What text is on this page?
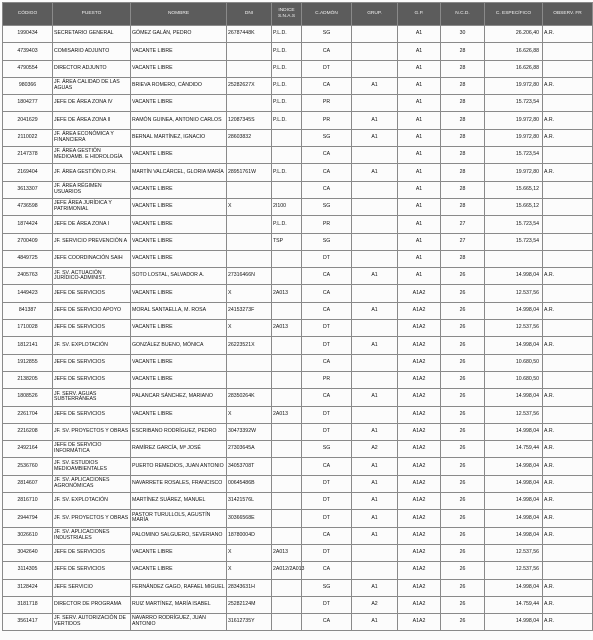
CÓDIGO	PUESTO	NOMBRE	DNI	INDICE S.N.A.S	C.ADMÓN	GRUP.	G.P.	N.C.D.	C. ESPECÍFICO	OBSERV. FR
1990434	SECRETARIO GENERAL	GÓMEZ GALÁN, PEDRO	26787448K	P.L.D.	SG		A1	30	26.206,40	A.R.
4739403	COMISARIO ADJUNTO	VACANTE LIBRE		P.L.D.	CA		A1	28	16.626,88	
4790554	DIRECTOR ADJUNTO	VACANTE LIBRE		P.L.D.	DT		A1	28	16.626,88	
980366	JF. ÁREA CALIDAD DE LAS AGUAS	BRIEVA ROMERO, CÁNDIDO	25282627X	P.L.D.	CA	A1	A1	28	19.972,80	A.R.
1804277	JEFE DE ÁREA ZONA IV	VACANTE LIBRE		P.L.D.	PR		A1	28	15.723,54	
2041629	JEFE DE ÁREA ZONA II	RAMÓN GUINEA, ANTONIO CARLOS	12087345S	P.L.D.	PR	A1	A1	28	19.972,80	A.R.
2110022	JF. ÁREA ECONÓMICA Y FINANCIERA	BERNAL MARTÍNEZ, IGNACIO	28603832		SG	A1	A1	28	19.972,80	A.R.
2147378	JF. ÁREA GESTIÓN MEDIOAMB. E HIDROLOGÍA	VACANTE LIBRE			CA		A1	28	15.723,54	
2169404	JF. ÁREA GESTIÓN D.P.H.	MARTÍN VALCÁRCEL, GLORIA MARÍA	28951761W	P.L.D.	CA	A1	A1	28	19.972,80	A.R.
3613307	JF. ÁREA RÉGIMEN USUARIOS	VACANTE LIBRE			CA		A1	28	15.665,12	
4736598	JEFE ÁREA JURÍDICA Y PATRIMONIAL	VACANTE LIBRE	X	2I100	SG		A1	28	15.665,12	
1874424	JEFE DE ÁREA ZONA I	VACANTE LIBRE		P.L.D.	PR		A1	27	15.723,54	
2700409	JF. SERVICIO PREVENCIÓN A	VACANTE LIBRE		TSP	SG		A1	27	15.723,54	
4849725	JEFE COORDINACIÓN SAIH	VACANTE LIBRE			DT		A1	28		
2405763	JF. SV. ACTUACIÓN JURÍDICO-ADMINIST.	SOTO LOSTAL, SALVADOR A.	27316466N		CA	A1	A1	26	14.998,04	A.R.
1449423	JEFE DE SERVICIOS	VACANTE LIBRE	X	2A013	CA		A1A2	26	12.537,56	
841387	JEFE DE SERVICIO APOYO	MORAL SANTAELLA, M. ROSA	24153273F		CA	A1	A1A2	26	14.998,04	A.R.
1710028	JEFE DE SERVICIOS	VACANTE LIBRE	X	2A013	DT		A1A2	26	12.537,56	
1812141	JF. SV. EXPLOTACIÓN	GONZÁLEZ BUENO, MÓNICA	26223521X		DT	A1	A1A2	26	14.998,04	A.R.
1912855	JEFE DE SERVICIOS	VACANTE LIBRE			CA		A1A2	26	10.680,50	
2138205	JEFE DE SERVICIOS	VACANTE LIBRE			PR		A1A2	26	10.680,50	
1808526	JF. SERV. AGUAS SUBTERRÁNEAS	PALANCAR SÁNCHEZ, MARIANO	28350264K		CA	A1	A1A2	26	14.998,04	A.R.
2261704	JEFE DE SERVICIOS	VACANTE LIBRE	X	2A013	DT		A1A2	26	12.537,56	
2216208	JF. SV. PROYECTOS Y OBRAS	ESCRIBANO RODRÍGUEZ, PEDRO	30473392W		DT	A1	A1A2	26	14.998,04	A.R.
2492164	JEFE DE SERVICIO INFORMÁTICA	RAMÍREZ GARCÍA, Mª JOSÉ	27303645A		SG	A2	A1A2	26	14.759,44	A.R.
2536760	JF. SV. ESTUDIOS MEDIOAMBIENTALES	PUERTO REMEDIOS, JUAN ANTONIO	34053708T		CA	A1	A1A2	26	14.998,04	A.R.
2814607	JF. SV. APLICACIONES AGRONÓMICAS	NAVARRETE ROSALES, FRANCISCO	00645486B		DT	A1	A1A2	26	14.998,04	A.R.
2816710	JF. SV. EXPLOTACIÓN	MARTÍNEZ SUÁREZ, MANUEL	31421576L		DT	A1	A1A2	26	14.998,04	A.R.
2944794	JF. SV. PROYECTOS Y OBRAS	PASTOR TURULLOLS, AGUSTÍN MARÍA	30366568E		DT	A1	A1A2	26	14.998,04	A.R.
3026610	JF. SV. APLICACIONES INDUSTRIALES	PALOMINO SALGUERO, SEVERIANO	18780004D		CA	A1	A1A2	26	14.998,04	A.R.
3042640	JEFE DE SERVICIOS	VACANTE LIBRE	X	2A013	DT		A1A2	26	12.537,56	
3114305	JEFE DE SERVICIOS	VACANTE LIBRE	X	2A012/2A013	CA		A1A2	26	12.537,56	
3128424	JEFE SERVICIO	FERNÁNDEZ GAGO, RAFAEL MIGUEL	28343631H		SG	A1	A1A2	26	14.998,04	A.R.
3181718	DIRECTOR DE PROGRAMA	RUIZ MARTÍNEZ, MARÍA ISABEL	25282124M		DT	A2	A1A2	26	14.759,44	A.R.
3561417	JF. SERV. AUTORIZACIÓN DE VERTIDOS	NAVARRO RODRÍGUEZ, JUAN ANTONIO	31612735Y		CA	A1	A1A2	26	14.998,04	A.R.
